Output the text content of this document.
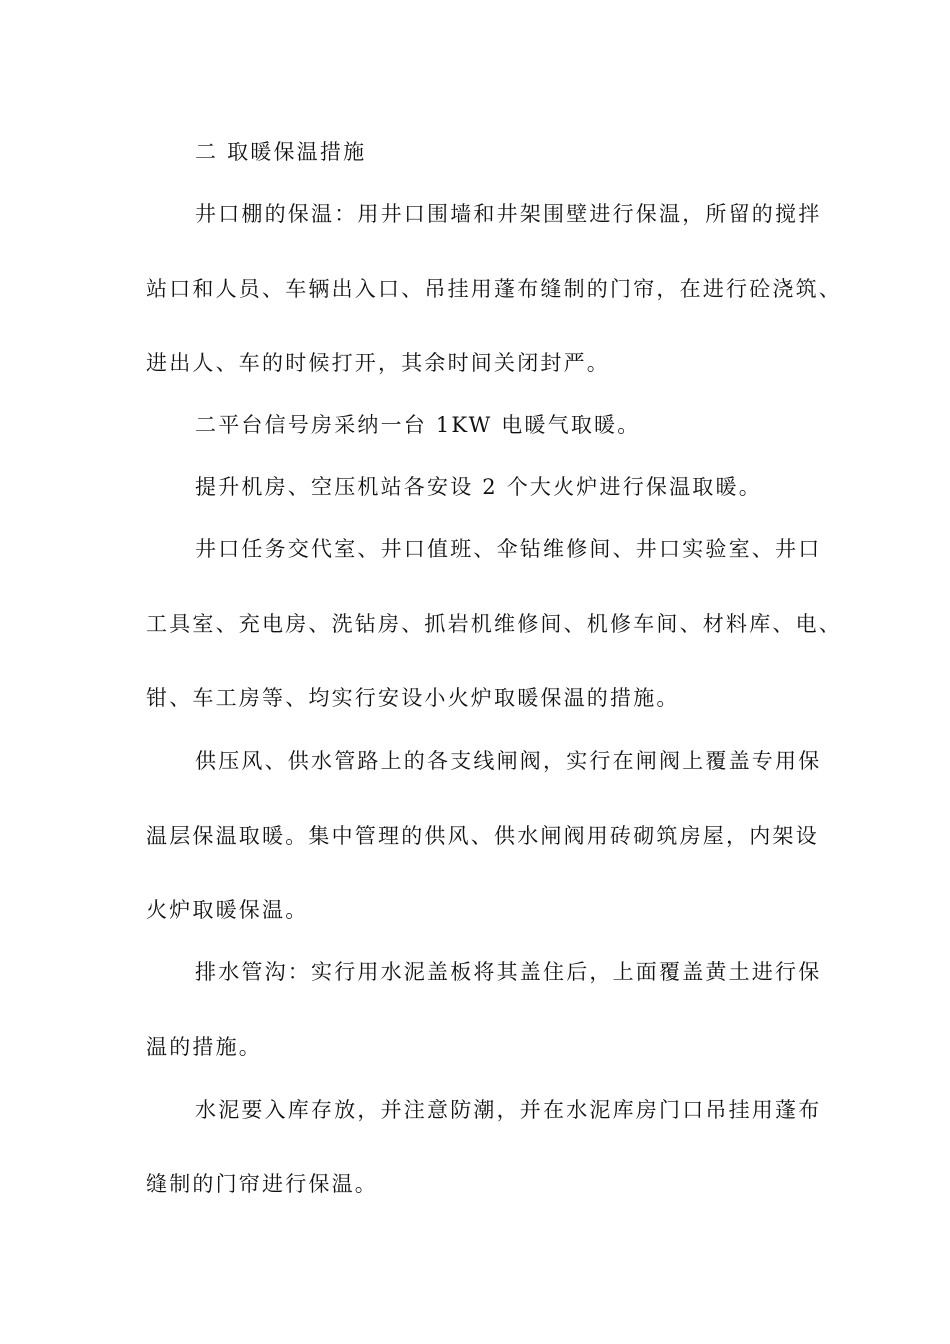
二 取暖保温措施
井口棚的保温：用井口围墙和井架围壁进行保温，所留的搅拌
站口和人员、车辆出入口、吊挂用蓬布缝制的门帘，在进行砼浇筑、
进出人、车的时候打开，其余时间关闭封严。
二平台信号房采纳一台 1KW 电暖气取暖。
提升机房、空压机站各安设 2 个大火炉进行保温取暖。
井口任务交代室、井口值班、伞钻维修间、井口实验室、井口
工具室、充电房、洗钻房、抓岩机维修间、机修车间、材料库、电、
钳、车工房等、均实行安设小火炉取暖保温的措施。
供压风、供水管路上的各支线闸阀，实行在闸阀上覆盖专用保
温层保温取暖。集中管理的供风、供水闸阀用砖砌筑房屋，内架设
火炉取暖保温。
排水管沟：实行用水泥盖板将其盖住后，上面覆盖黄土进行保
温的措施。
水泥要入库存放，并注意防潮，并在水泥库房门口吊挂用蓬布
缝制的门帘进行保温。
